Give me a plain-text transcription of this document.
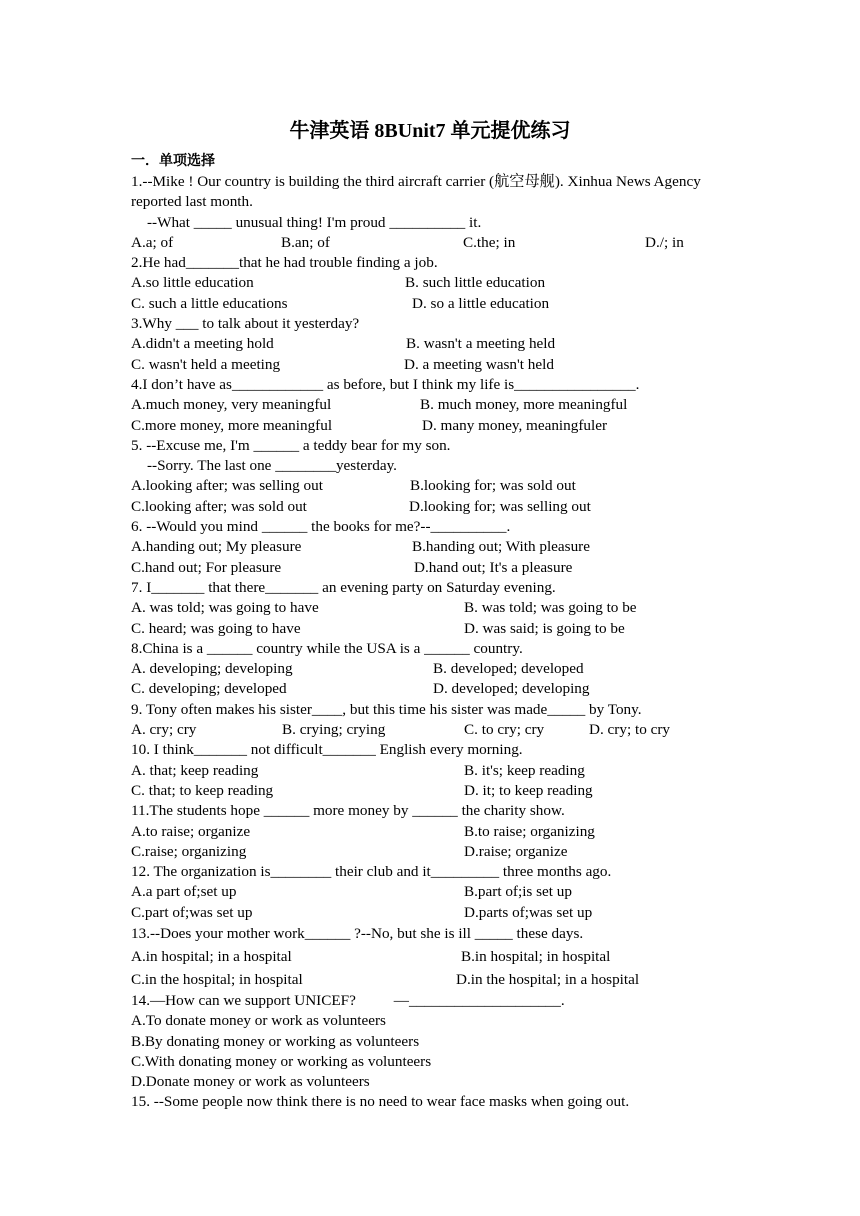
牛津英语 8BUnit7 单元提优练习
一．单项选择
1.--Mike ! Our country is building the third aircraft carrier (航空母舰). Xinhua News Agency reported last month.
--What _____ unusual thing! I'm proud __________ it.
A.a; of	B.an; of	C.the; in	D./; in
2.He had_______that he had trouble finding a job.
A.so little education	B. such little education
C. such a little educations	D. so a little education
3.Why ___ to talk about it yesterday?
A.didn't a meeting hold	B. wasn't a meeting held
C. wasn't held a meeting	D. a meeting wasn't held
4.I don’t have as____________ as before, but I think my life is________________.
A.much money, very meaningful	B. much money, more meaningful
C.more money, more meaningful	D. many money, meaningfuler
5. --Excuse me, I'm ______ a teddy bear for my son.
--Sorry. The last one ________yesterday.
A.looking after; was selling out	B.looking for; was sold out
C.looking after; was sold out	D.looking for; was selling out
6. --Would you mind ______ the books for me?--__________.
A.handing out; My pleasure	B.handing out; With pleasure
C.hand out; For pleasure	D.hand out; It's a pleasure
7. I_______ that there_______ an evening party on Saturday evening.
A. was told; was going to have	B. was told; was going to be
C. heard; was going to have	D. was said; is going to be
8.China is a ______ country while the USA is a ______ country.
A. developing; developing	B. developed; developed
C. developing; developed	D. developed; developing
9. Tony often makes his sister____, but this time his sister was made_____ by Tony.
A. cry; cry	B. crying; crying	C. to cry; cry	D. cry; to cry
10. I think_______ not difficult_______ English every morning.
A. that; keep reading	B. it's; keep reading
C. that; to keep reading	D. it; to keep reading
11.The students hope ______ more money by ______ the charity show.
A.to raise; organize	B.to raise; organizing
C.raise; organizing	D.raise; organize
12. The organization is________ their club and it_________ three months ago.
A.a part of;set up	B.part of;is set up
C.part of;was set up	D.parts of;was set up
13.--Does your mother work______ ?--No, but she is ill _____ these days.
A.in hospital; in a hospital	B.in hospital; in hospital
C.in the hospital; in hospital	D.in the hospital; in a hospital
14.—How can we support UNICEF?          —____________________.
A.To donate money or work as volunteers
B.By donating money or working as volunteers
C.With donating money or working as volunteers
D.Donate money or work as volunteers
15. --Some people now think there is no need to wear face masks when going out.
